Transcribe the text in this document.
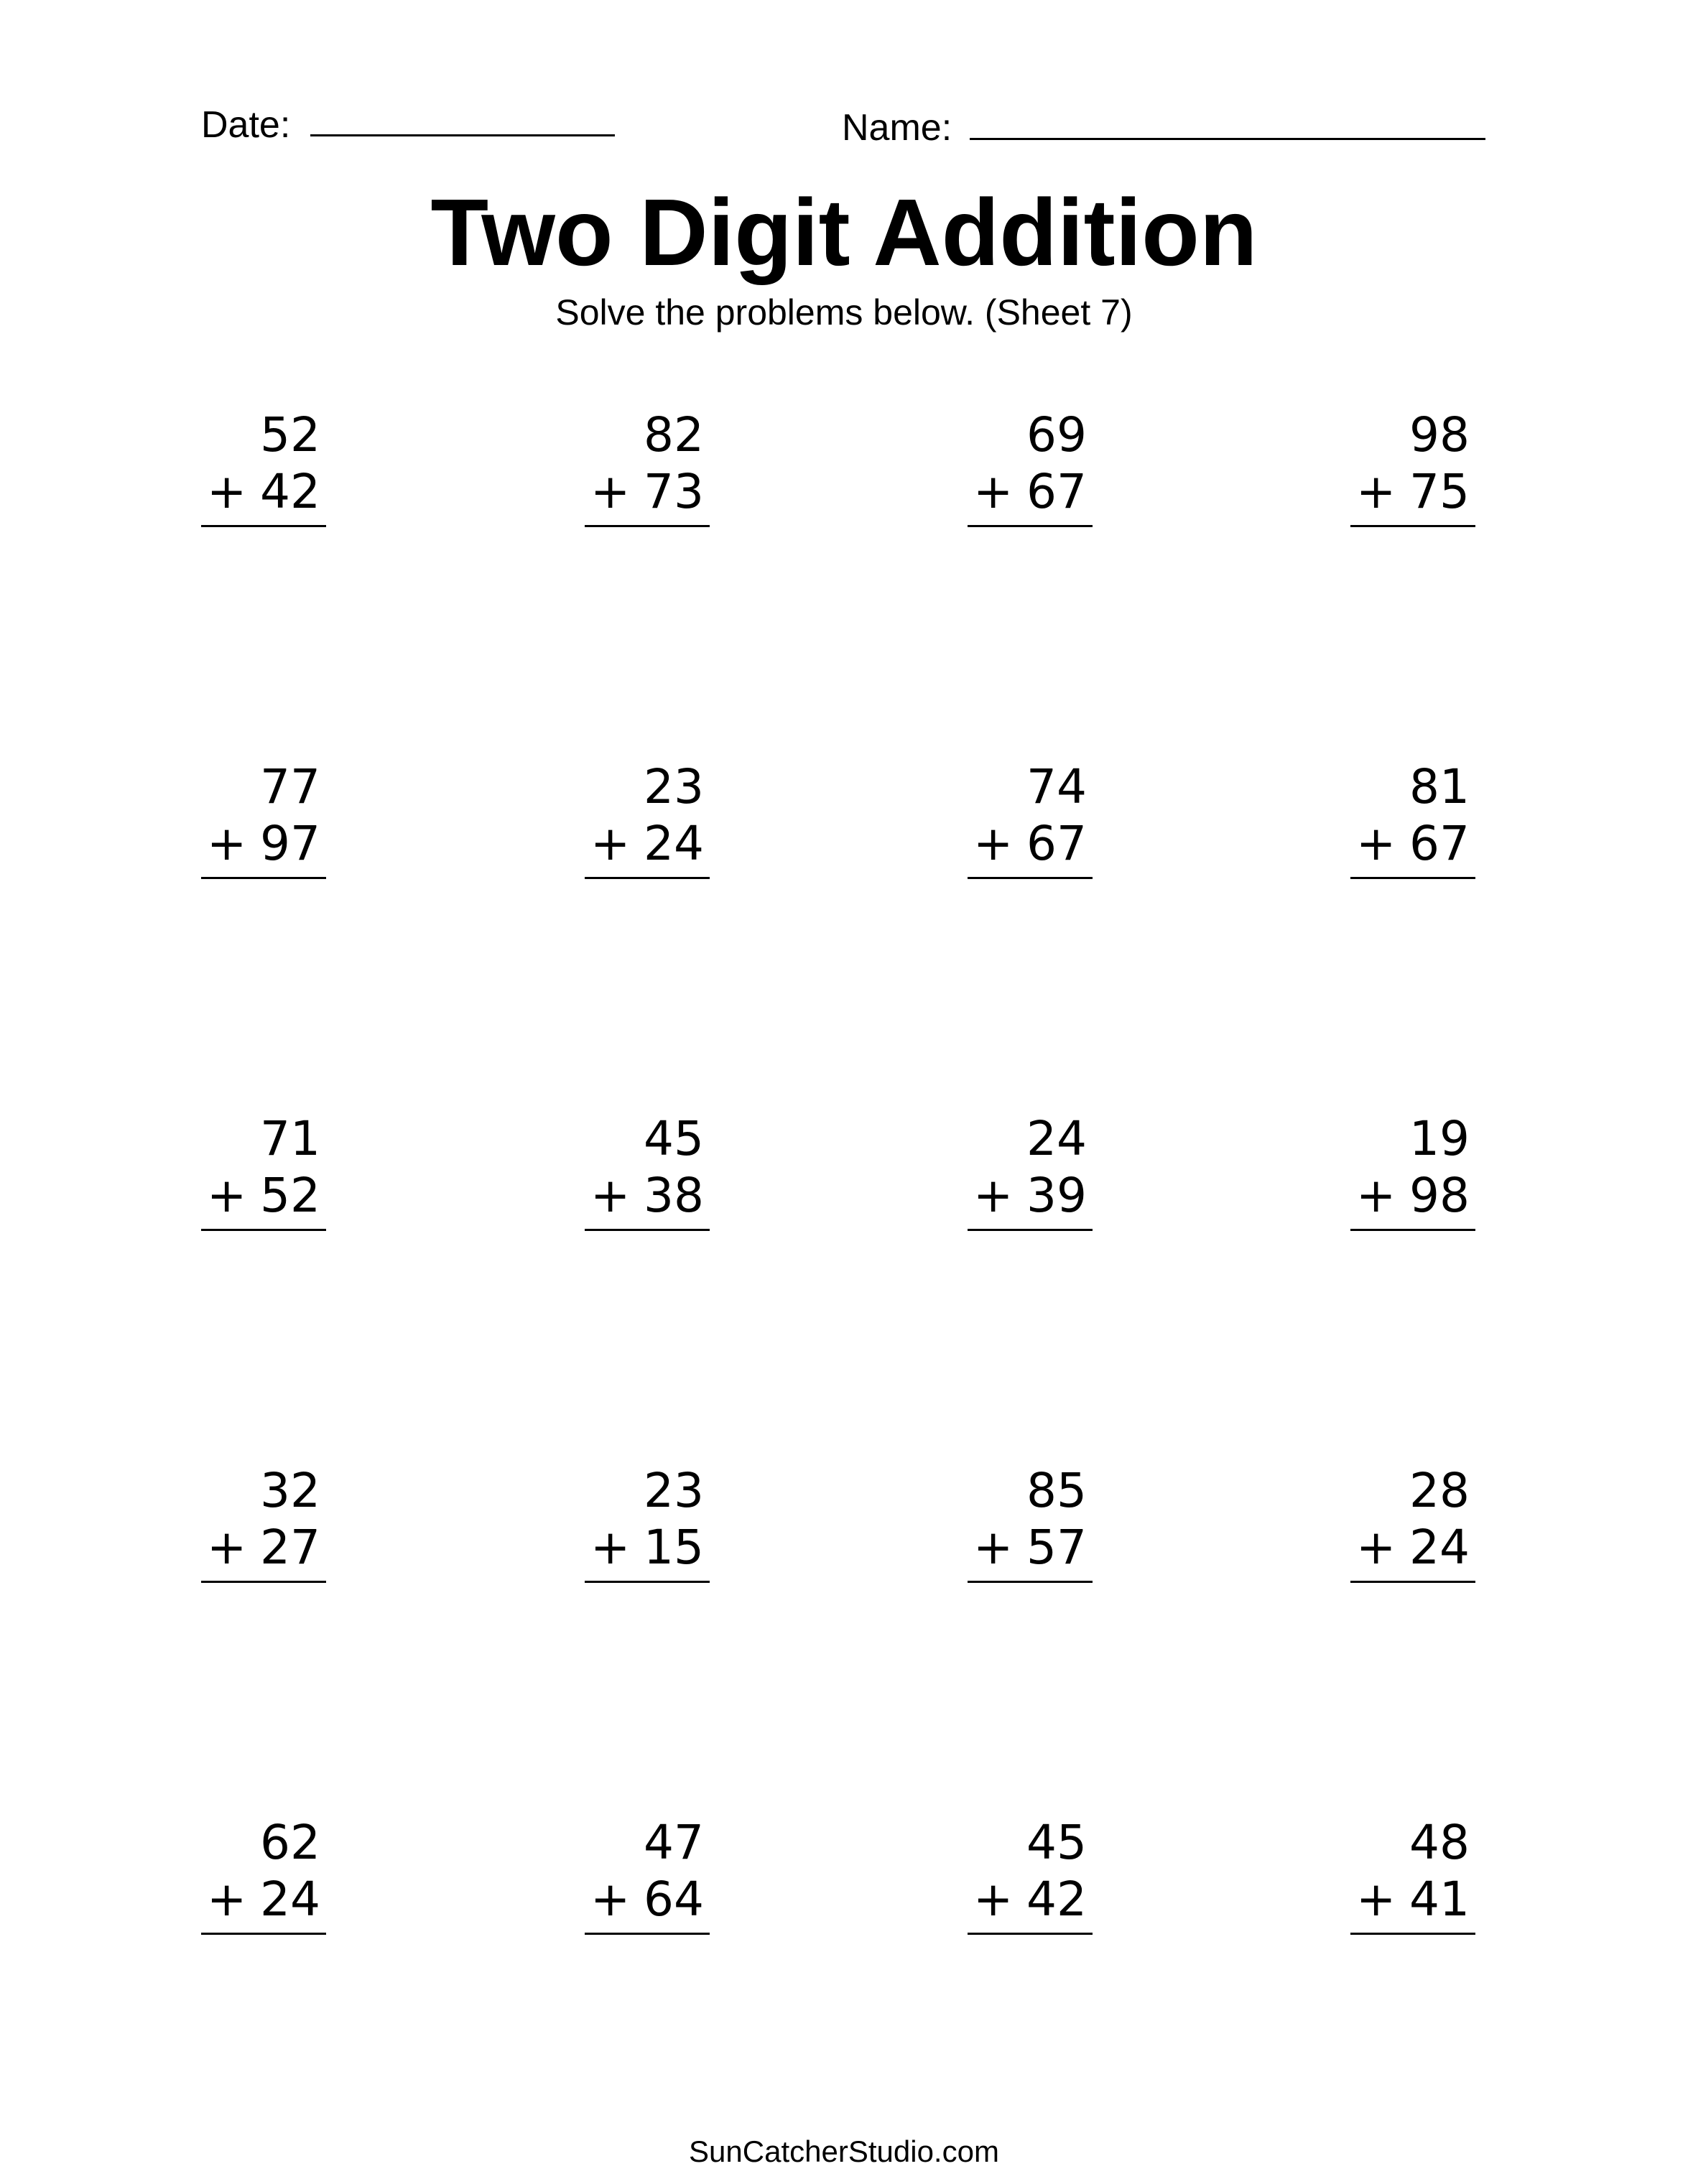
Date:	Name:
Two Digit Addition
Solve the problems below. (Sheet 7)
52
+ 42
82
+ 73
69
+ 67
98
+ 75
77
+ 97
23
+ 24
74
+ 67
81
+ 67
71
+ 52
45
+ 38
24
+ 39
19
+ 98
32
+ 27
23
+ 15
85
+ 57
28
+ 24
62
+ 24
47
+ 64
45
+ 42
48
+ 41
SunCatcherStudio.com
